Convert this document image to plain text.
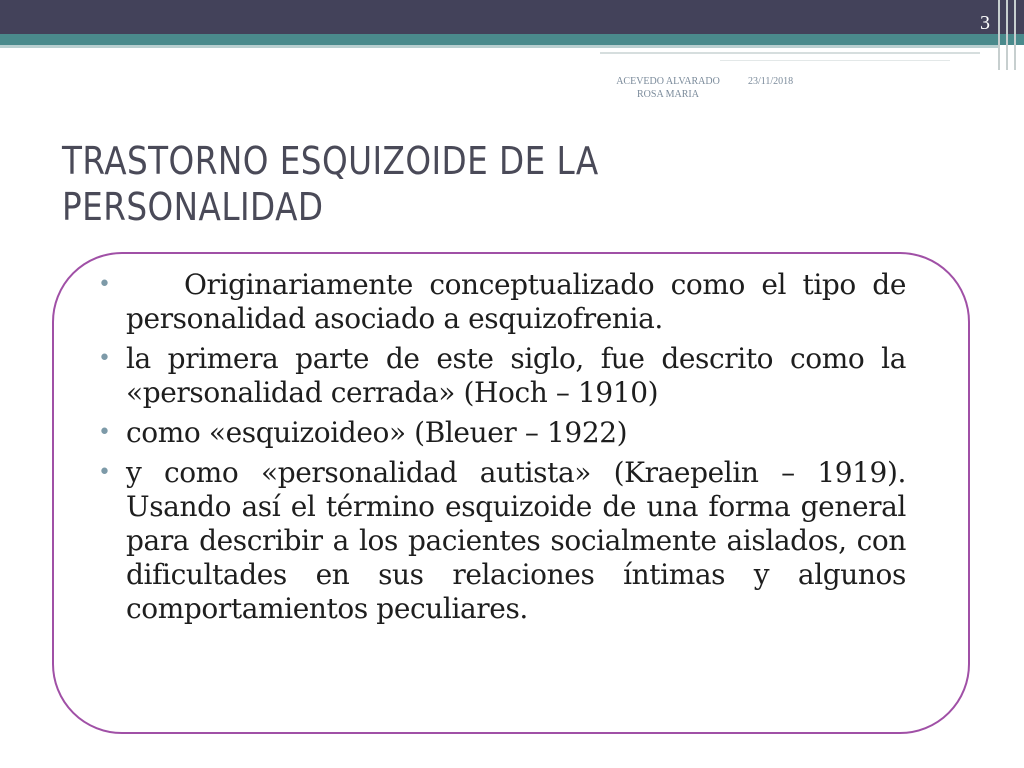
3
ACEVEDO ALVARADO
ROSA MARIA
23/11/2018
TRASTORNO ESQUIZOIDE DE LA
PERSONALIDAD
•	Originariamente conceptualizado como el tipo de personalidad asociado a esquizofrenia.
• la primera parte de este siglo, fue descrito como la «personalidad cerrada» (Hoch – 1910)
• como «esquizoideo» (Bleuer – 1922)
• y como «personalidad autista» (Kraepelin – 1919). Usando así el término esquizoide de una forma general para describir a los pacientes socialmente aislados, con dificultades en sus relaciones íntimas y algunos comportamientos peculiares.
